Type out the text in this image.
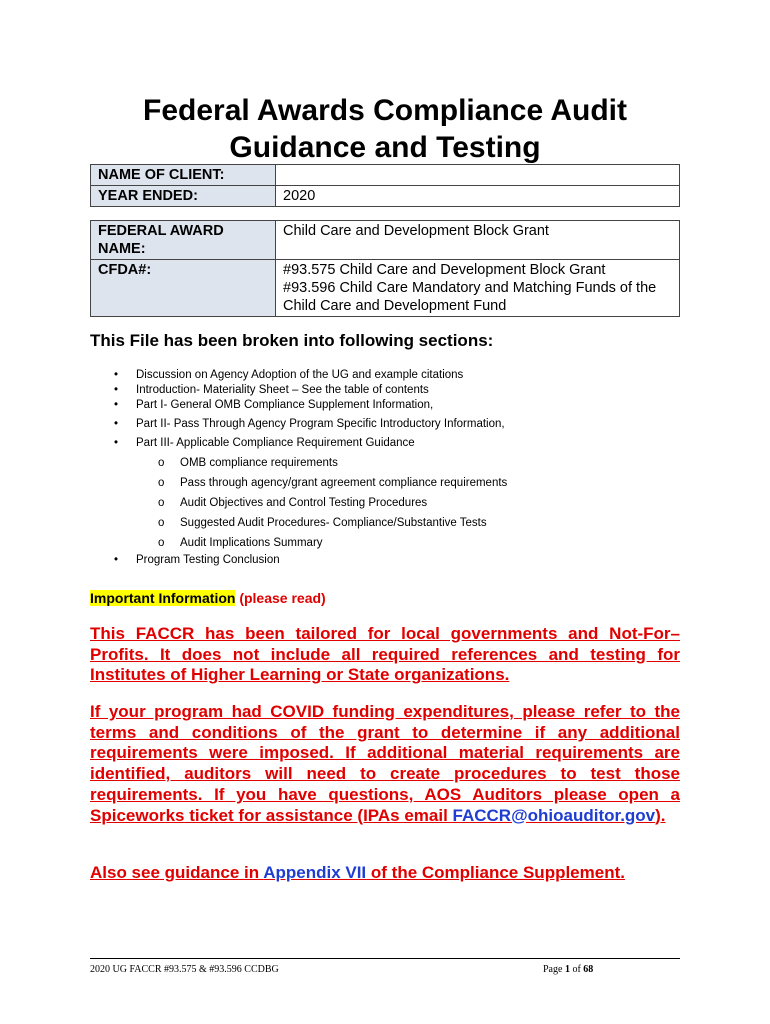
Federal Awards Compliance Audit
Guidance and Testing
NAME OF CLIENT:	
YEAR ENDED:	2020
FEDERAL AWARD
NAME:	Child Care and Development Block Grant
CFDA#:	#93.575 Child Care and Development Block Grant
#93.596 Child Care Mandatory and Matching Funds of the
Child Care and Development Fund
This File has been broken into following sections:
• Discussion on Agency Adoption of the UG and example citations
• Introduction- Materiality Sheet – See the table of contents
• Part I- General OMB Compliance Supplement Information,
• Part II- Pass Through Agency Program Specific Introductory Information,
• Part III- Applicable Compliance Requirement Guidance
o OMB compliance requirements
o Pass through agency/grant agreement compliance requirements
o Audit Objectives and Control Testing Procedures
o Suggested Audit Procedures- Compliance/Substantive Tests
o Audit Implications Summary
• Program Testing Conclusion
Important Information (please read)
This FACCR has been tailored for local governments and Not-For–Profits. It does not include all required references and testing for Institutes of Higher Learning or State organizations.
If your program had COVID funding expenditures, please refer to the terms and conditions of the grant to determine if any additional requirements were imposed. If additional material requirements are identified, auditors will need to create procedures to test those requirements. If you have questions, AOS Auditors please open a Spiceworks ticket for assistance (IPAs email FACCR@ohioauditor.gov).
Also see guidance in Appendix VII of the Compliance Supplement.
2020 UG FACCR #93.575 & #93.596 CCDBG	Page 1 of 68
